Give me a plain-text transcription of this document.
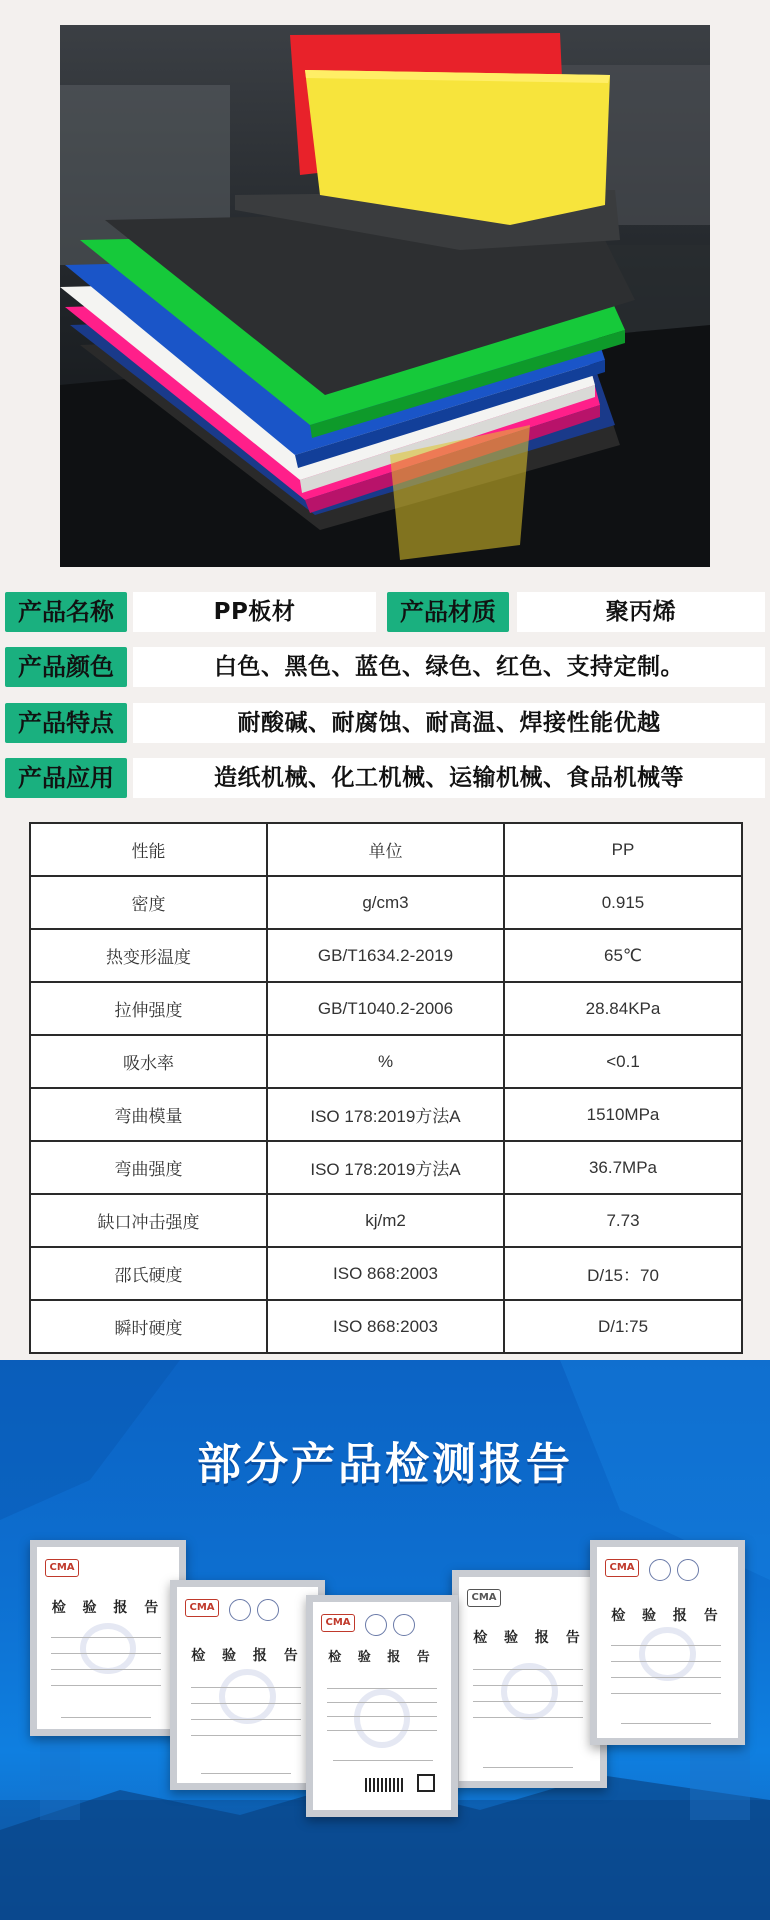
产品名称	PP板材	产品材质	聚丙烯
产品颜色	白色、黑色、蓝色、绿色、红色、支持定制。
产品特点	耐酸碱、耐腐蚀、耐高温、焊接性能优越
产品应用	造纸机械、化工机械、运输机械、食品机械等
性能	单位	PP
密度	g/cm3	0.915
热变形温度	GB/T1634.2-2019	65℃
拉伸强度	GB/T1040.2-2006	28.84KPa
吸水率	%	<0.1
弯曲模量	ISO 178:2019方法A	1510MPa
弯曲强度	ISO 178:2019方法A	36.7MPa
缺口冲击强度	kj/m2	7.73
邵氏硬度	ISO 868:2003	D/15：70
瞬时硬度	ISO 868:2003	D/1:75
部分产品检测报告
CMA
检 验 报 告	CMA
检 验 报 告
CMA
检 验 报 告
CMA
检 验 报 告
CMA
检 验 报 告
